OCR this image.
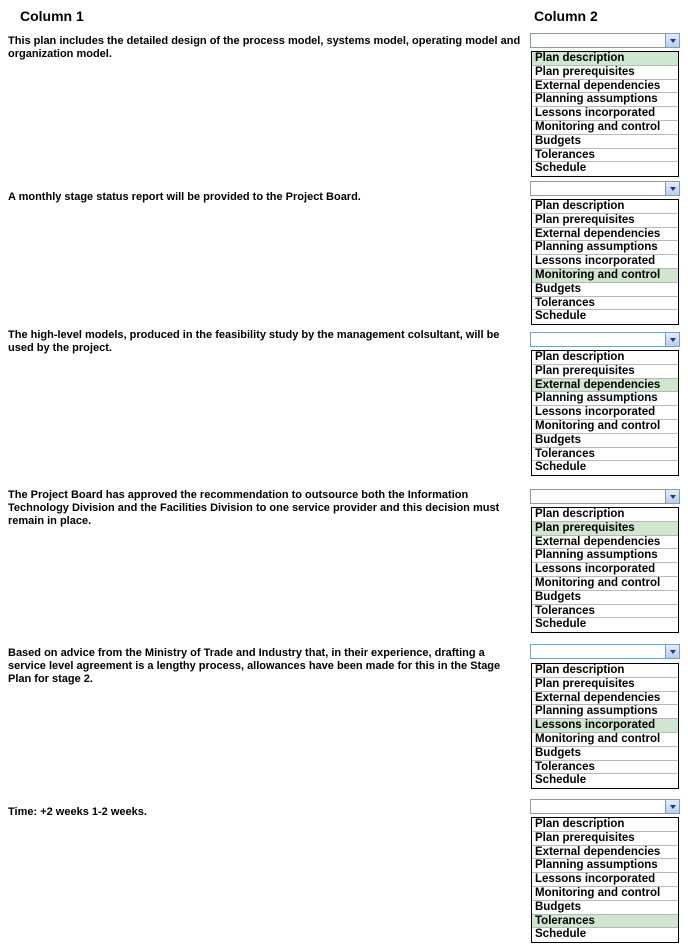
Column 1	Column 2
This plan includes the detailed design of the process model, systems model, operating model and organization model.	Plan description
Plan prerequisites
External dependencies
Planning assumptions
Lessons incorporated
Monitoring and control
Budgets
Tolerances
Schedule
A monthly stage status report will be provided to the Project Board.
Plan description
Plan prerequisites
External dependencies
Planning assumptions
Lessons incorporated
Monitoring and control
Budgets
Tolerances
Schedule
The high-level models, produced in the feasibility study by the management colsultant, will be used by the project.
Plan description
Plan prerequisites
External dependencies
Planning assumptions
Lessons incorporated
Monitoring and control
Budgets
Tolerances
Schedule
The Project Board has approved the recommendation to outsource both the Information Technology Division and the Facilities Division to one service provider and this decision must remain in place.
Plan description
Plan prerequisites
External dependencies
Planning assumptions
Lessons incorporated
Monitoring and control
Budgets
Tolerances
Schedule
Based on advice from the Ministry of Trade and Industry that, in their experience, drafting a service level agreement is a lengthy process, allowances have been made for this in the Stage Plan for stage 2.
Plan description
Plan prerequisites
External dependencies
Planning assumptions
Lessons incorporated
Monitoring and control
Budgets
Tolerances
Schedule
Time: +2 weeks 1-2 weeks.
Plan description
Plan prerequisites
External dependencies
Planning assumptions
Lessons incorporated
Monitoring and control
Budgets
Tolerances
Schedule
